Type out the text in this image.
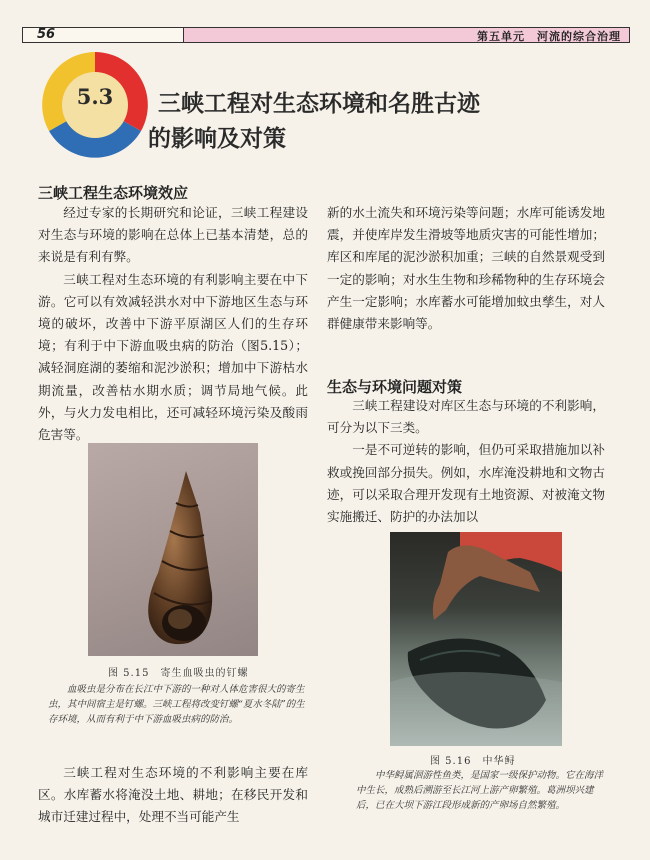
56	第五单元　河流的综合治理
5.3	三峡工程对生态环境和名胜古迹
的影响及对策
三峡工程生态环境效应

经过专家的长期研究和论证，三峡工程建设对生态与环境的影响在总体上已基本清楚，总的来说是有利有弊。

三峡工程对生态环境的有利影响主要在中下游。它可以有效减轻洪水对中下游地区生态与环境的破坏，改善中下游平原湖区人们的生存环境；有利于中下游血吸虫病的防治（图5.15）；减轻洞庭湖的萎缩和泥沙淤积；增加中下游枯水期流量，改善枯水期水质；调节局地气候。此外，与火力发电相比，还可减轻环境污染及酸雨危害等。

图 5.15　寄生血吸虫的钉螺

血吸虫是分布在长江中下游的一种对人体危害很大的寄生虫，其中间宿主是钉螺。三峡工程将改变钉螺“夏水冬陆”的生存环境，从而有利于中下游血吸虫病的防治。

三峡工程对生态环境的不利影响主要在库区。水库蓄水将淹没土地、耕地；在移民开发和城市迁建过程中，处理不当可能产生

新的水土流失和环境污染等问题；水库可能诱发地震，并使库岸发生滑坡等地质灾害的可能性增加；库区和库尾的泥沙淤积加重；三峡的自然景观受到一定的影响；对水生生物和珍稀物种的生存环境会产生一定影响；水库蓄水可能增加蚊虫孳生，对人群健康带来影响等。

生态与环境问题对策

三峡工程建设对库区生态与环境的不利影响，可分为以下三类。

一是不可逆转的影响，但仍可采取措施加以补救或挽回部分损失。例如，水库淹没耕地和文物古迹，可以采取合理开发现有土地资源、对被淹文物实施搬迁、防护的办法加以

图 5.16　中华鲟

中华鲟属洄游性鱼类，是国家一级保护动物。它在海洋中生长，成熟后溯游至长江河上游产卵繁殖。葛洲坝兴建后，已在大坝下游江段形成新的产卵场自然繁殖。
